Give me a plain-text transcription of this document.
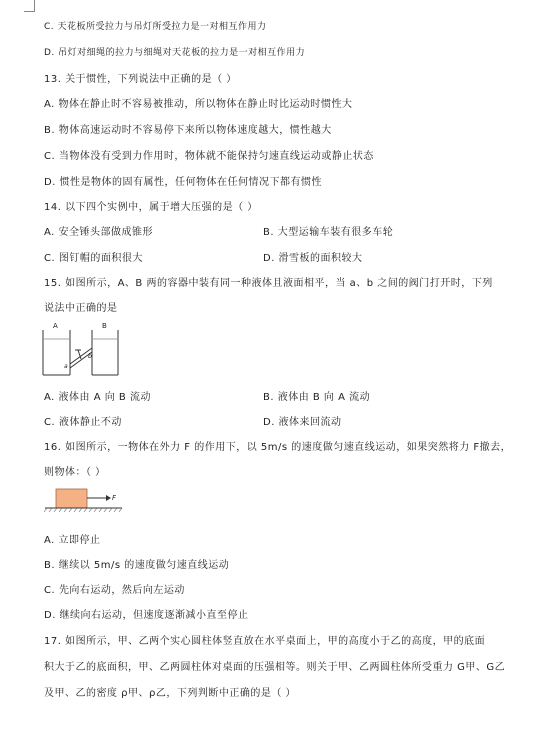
C. 天花板所受拉力与吊灯所受拉力是一对相互作用力
D. 吊灯对细绳的拉力与细绳对天花板的拉力是一对相互作用力
13. 关于惯性，下列说法中正确的是（ ）
A. 物体在静止时不容易被推动，所以物体在静止时比运动时惯性大
B. 物体高速运动时不容易停下来所以物体速度越大，惯性越大
C. 当物体没有受到力作用时，物体就不能保持匀速直线运动或静止状态
D. 惯性是物体的固有属性，任何物体在任何情况下都有惯性
14. 以下四个实例中，属于增大压强的是（ ）
A. 安全锤头部做成锥形	B. 大型运输车装有很多车轮
C. 图钉帽的面积很大	D. 滑雪板的面积较大
15. 如图所示，A、B 两的容器中装有同一种液体且液面相平，当 a、b 之间的阀门打开时，下列
说法中正确的是
A	B
a
b
A. 液体由 A 向 B 流动	B. 液体由 B 向 A 流动
C. 液体静止不动	D. 液体来回流动
16. 如图所示，一物体在外力 F 的作用下，以 5m/s 的速度做匀速直线运动，如果突然将力 F撤去，
则物体：（ ）
F
A. 立即停止
B. 继续以 5m/s 的速度做匀速直线运动
C. 先向右运动，然后向左运动
D. 继续向右运动，但速度逐渐减小直至停止
17. 如图所示，甲、乙两个实心圆柱体竖直放在水平桌面上，甲的高度小于乙的高度，甲的底面
积大于乙的底面积，甲、乙两圆柱体对桌面的压强相等。则关于甲、乙两圆柱体所受重力 G甲、G乙
及甲、乙的密度 ρ甲、ρ乙，下列判断中正确的是（ ）
